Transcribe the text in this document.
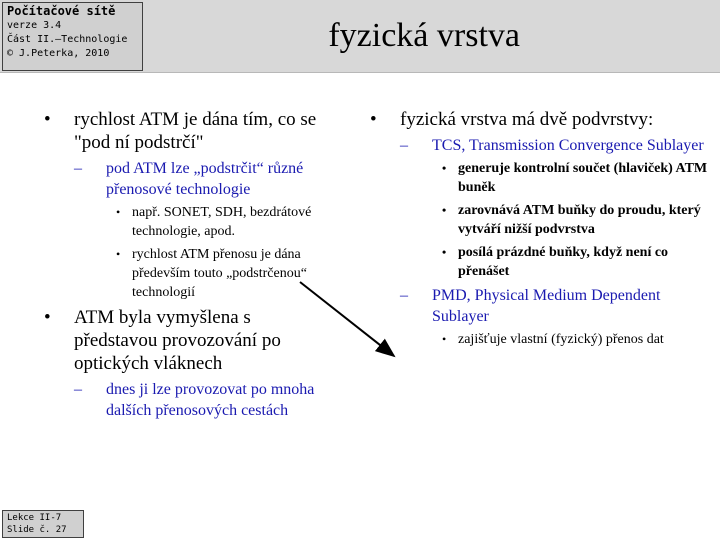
Počítačové sítě
verze 3.4
Část II.–Technologie
© J.Peterka, 2010	fyzická vrstva
• rychlost ATM je dána tím, co se "pod ní podstrčí"
– pod ATM lze „podstrčit“ různé přenosové technologie
• např. SONET, SDH, bezdrátové technologie, apod.
• rychlost ATM přenosu je dána především touto „podstrčenou“ technologií
• ATM byla vymyšlena s představou provozování po optických vláknech
– dnes ji lze provozovat po mnoha dalších přenosových cestách
• fyzická vrstva má dvě podvrstvy:
– TCS, Transmission Convergence Sublayer
• generuje kontrolní součet (hlaviček) ATM buněk
• zarovnává ATM buňky do proudu, který vytváří nižší podvrstva
• posílá prázdné buňky, když není co přenášet
– PMD, Physical Medium Dependent Sublayer
• zajišťuje vlastní (fyzický) přenos dat
Lekce II-7
Slide č. 27
